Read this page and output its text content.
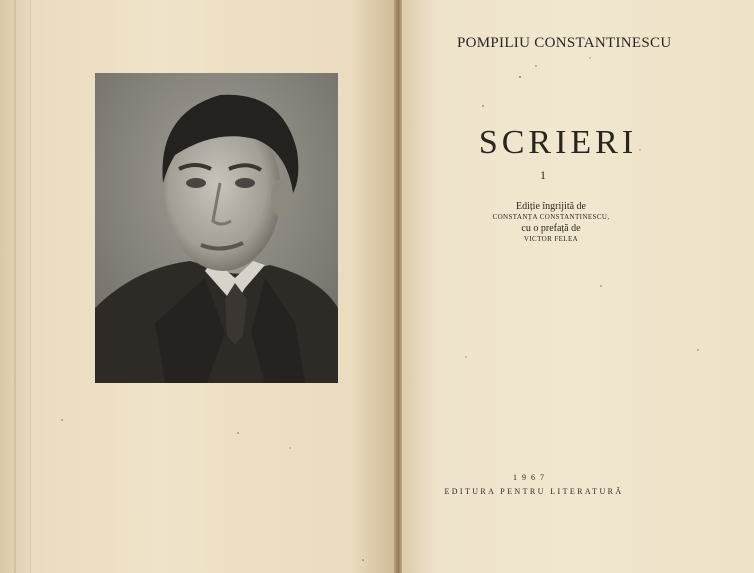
POMPILIU CONSTANTINESCU
SCRIERI
1
Ediție îngrijită de
CONSTANȚA CONSTANTINESCU,
cu o prefață de
VICTOR FELEA
1967
EDITURA PENTRU LITERATURĂ
